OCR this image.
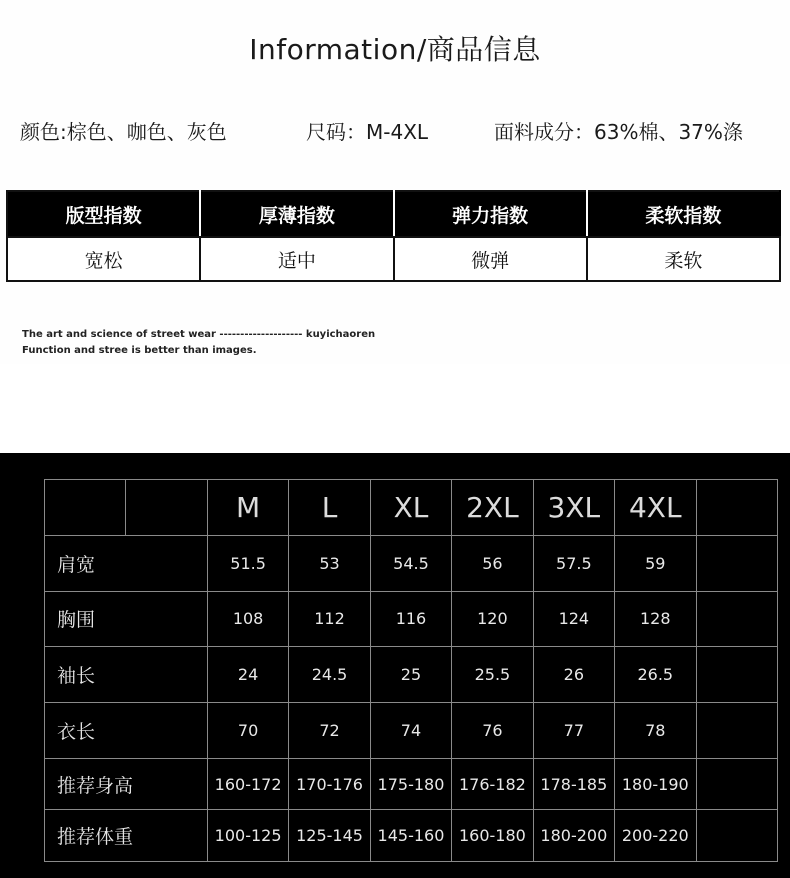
Information/商品信息
颜色:棕色、咖色、灰色	尺码：M-4XL	面料成分：63%棉、37%涤
版型指数	厚薄指数	弹力指数	柔软指数
宽松	适中	微弹	柔软
The art and science of street wear -------------------- kuyichaoren
Function and stree is better than images.
		M	L	XL	2XL	3XL	4XL	
肩宽		51.5	53	54.5	56	57.5	59	
胸围		108	112	116	120	124	128	
袖长		24	24.5	25	25.5	26	26.5	
衣长		70	72	74	76	77	78	
推荐身高		160-172	170-176	175-180	176-182	178-185	180-190	
推荐体重		100-125	125-145	145-160	160-180	180-200	200-220	
